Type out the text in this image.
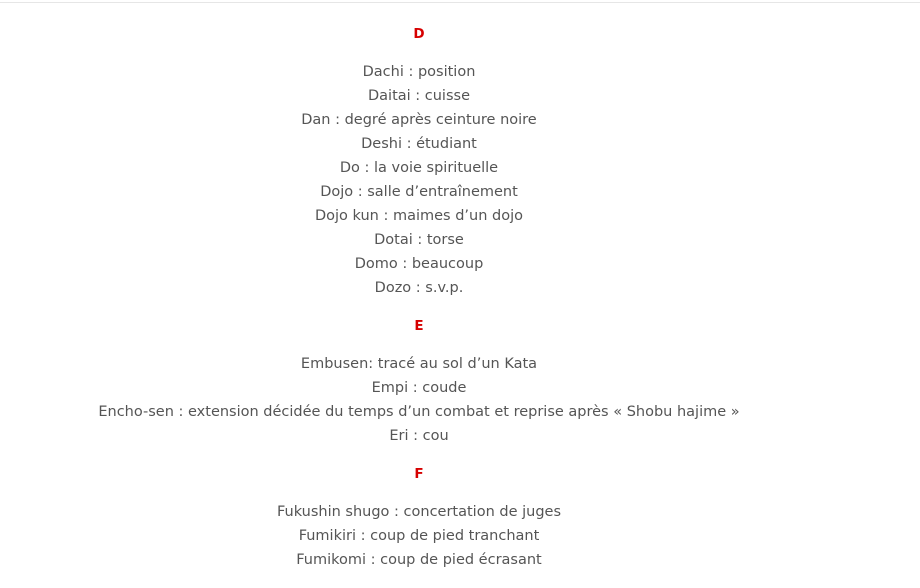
D
Dachi : position
Daitai : cuisse
Dan : degré après ceinture noire
Deshi : étudiant
Do : la voie spirituelle
Dojo : salle d’entraînement
Dojo kun : maimes d’un dojo
Dotai : torse
Domo : beaucoup
Dozo : s.v.p.
E
Embusen: tracé au sol d’un Kata
Empi : coude
Encho-sen : extension décidée du temps d’un combat et reprise après « Shobu hajime »
Eri : cou
F
Fukushin shugo : concertation de juges
Fumikiri : coup de pied tranchant
Fumikomi : coup de pied écrasant
